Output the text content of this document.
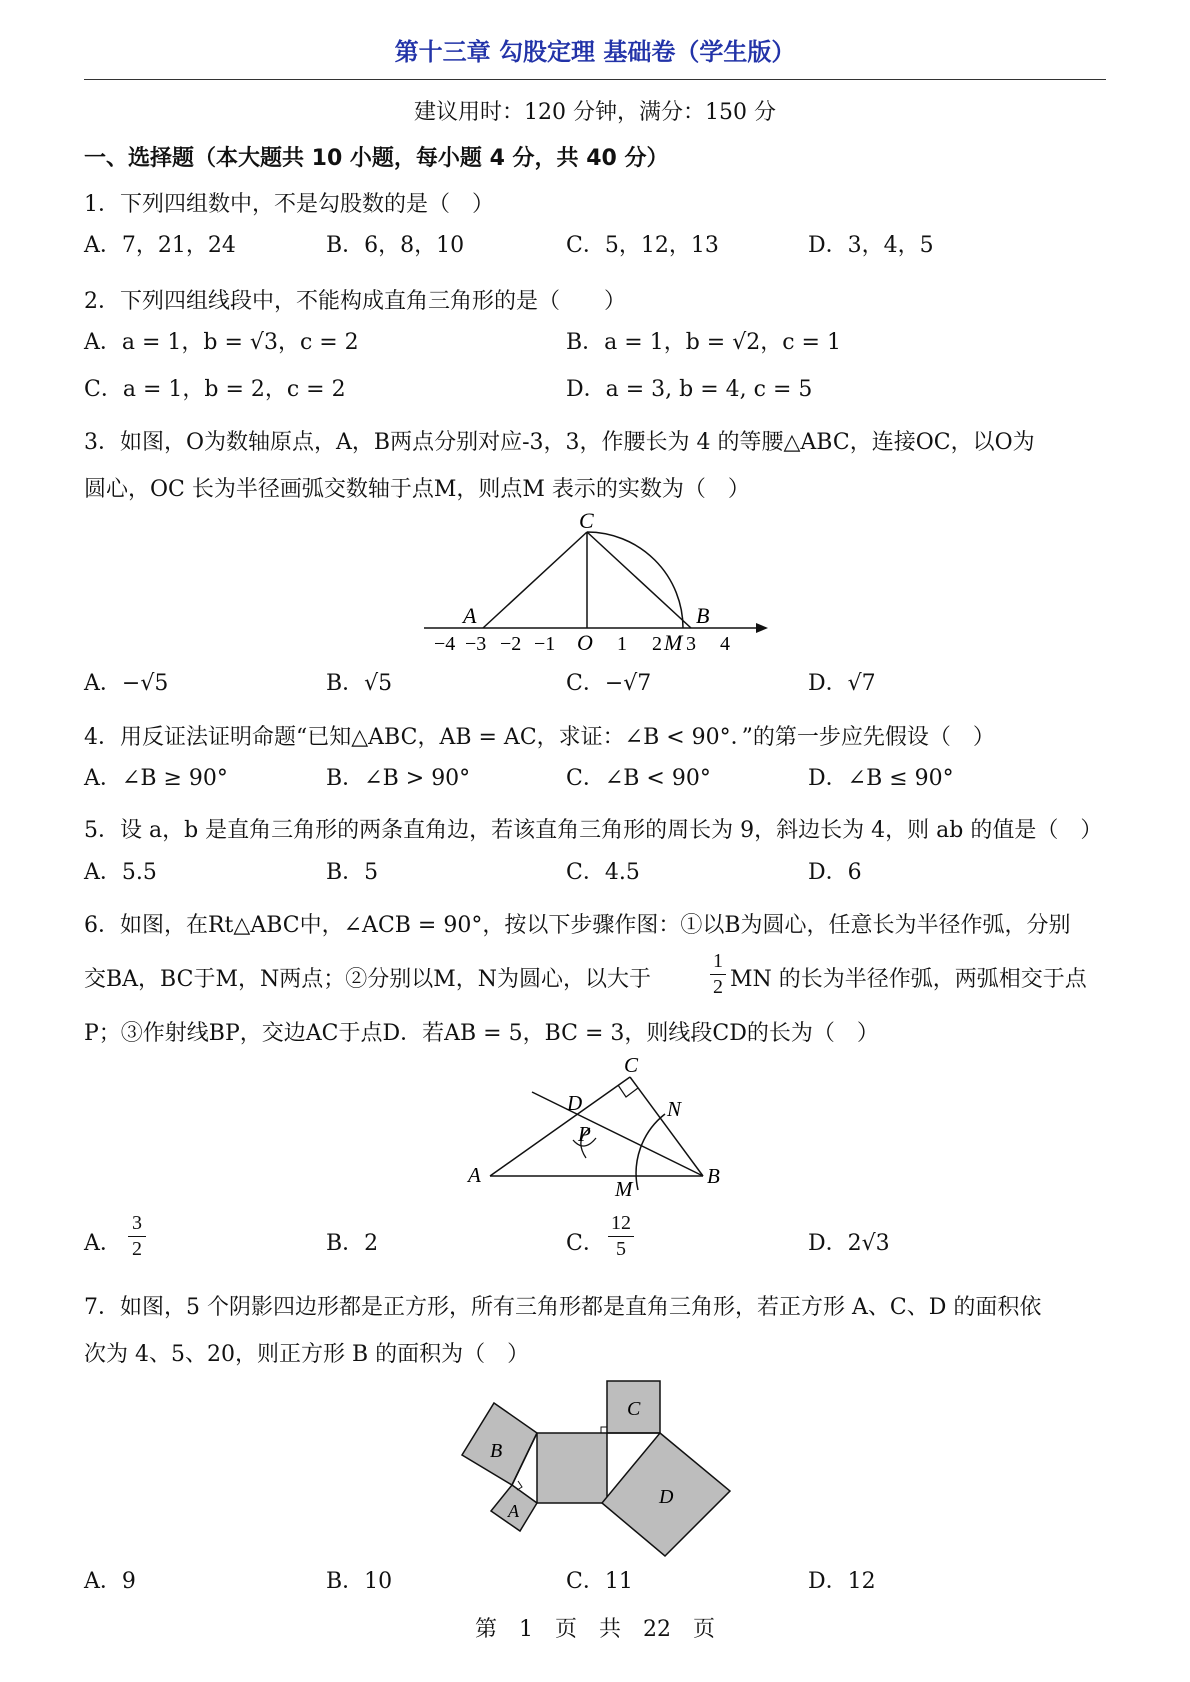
第十三章 勾股定理 基础卷（学生版）
建议用时：120 分钟，满分：150 分
一、选择题（本大题共 10 小题，每小题 4 分，共 40 分）
1．下列四组数中，不是勾股数的是（　）
A．7，21，24	B．6，8，10	C．5，12，13	D．3，4，5
2．下列四组线段中，不能构成直角三角形的是（　　）
A．a = 1，b = √3，c = 2	B．a = 1，b = √2，c = 1
C．a = 1，b = 2，c = 2	D．a = 3, b = 4, c = 5
3．如图，O为数轴原点，A，B两点分别对应-3，3，作腰长为 4 的等腰△ABC，连接OC，以O为
圆心，OC 长为半径画弧交数轴于点M，则点M 表示的实数为（　）
C
A	B
O	M
−4 −3 −2 −1	1 2 3 4
A．−√5	B．√5	C．−√7	D．√7
4．用反证法证明命题“已知△ABC，AB = AC，求证：∠B < 90°．”的第一步应先假设（　）
A．∠B ≥ 90°	B．∠B > 90°	C．∠B < 90°	D．∠B ≤ 90°
5．设 a，b 是直角三角形的两条直角边，若该直角三角形的周长为 9，斜边长为 4，则 ab 的值是（　）
A．5.5	B．5	C．4.5	D．6
6．如图，在Rt△ABC中，∠ACB = 90°，按以下步骤作图：①以B为圆心，任意长为半径作弧，分别
交BA，BC于M，N两点；②分别以M，N为圆心，以大于
1
2 MN 的长为半径作弧，两弧相交于点
P；③作射线BP，交边AC于点D．若AB = 5，BC = 3，则线段CD的长为（　）
C
D	N
P
A
M
B
A．
3
2	B．2	C．
12
5	D．2√3
7．如图，5 个阴影四边形都是正方形，所有三角形都是直角三角形，若正方形 A、C、D 的面积依
次为 4、5、20，则正方形 B 的面积为（　）
B
A
C
D
A．9	B．10	C．11	D．12
第　1　页　共　22　页
